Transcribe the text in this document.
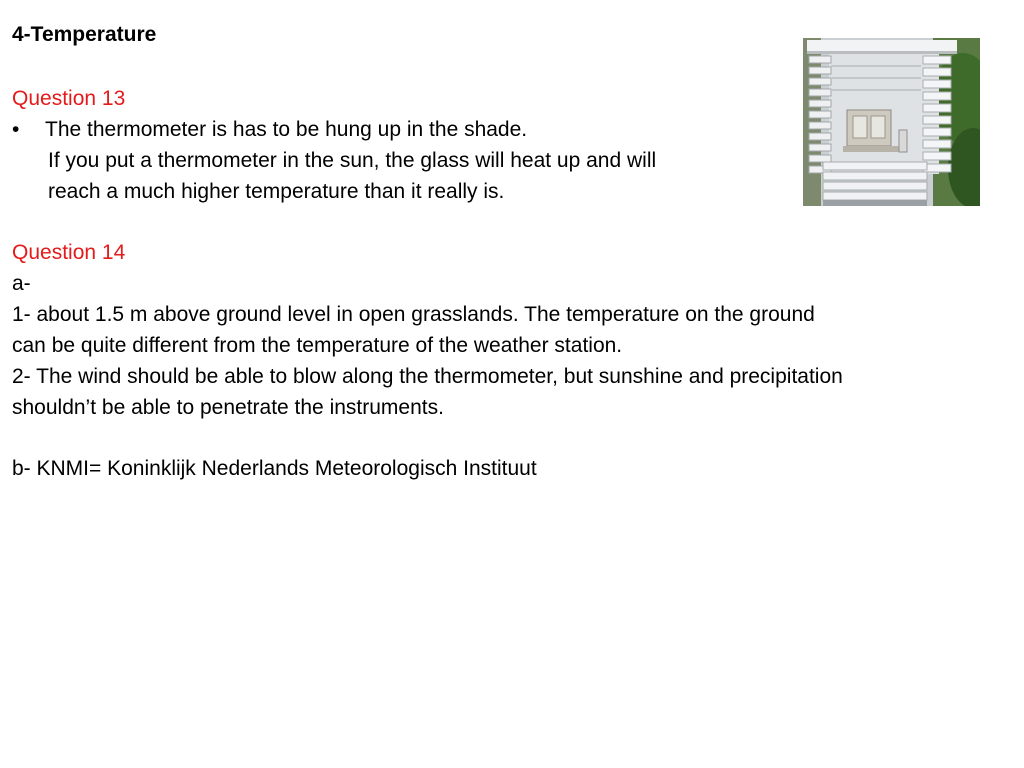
4-Temperature
Question 13
• The thermometer is has to be hung up in the shade.
If you put a thermometer in the sun, the glass will heat up and will
reach a much higher temperature than it really is.
Question 14
a-
1- about 1.5 m above ground level in open grasslands. The temperature on the ground
can be quite different from the temperature of the weather station.
2- The wind should be able to blow along the thermometer, but sunshine and precipitation
shouldn’t be able to penetrate the instruments.
b- KNMI= Koninklijk Nederlands Meteorologisch Instituut
